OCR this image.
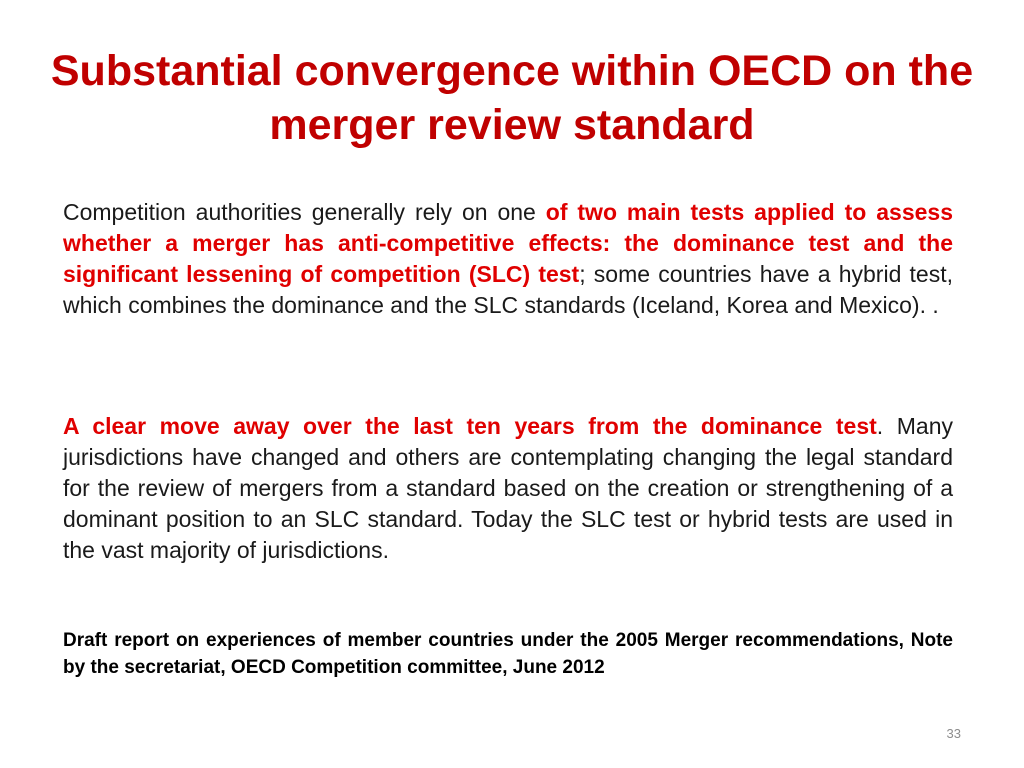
Substantial convergence within OECD on the merger review standard

Competition authorities generally rely on one of two main tests applied to assess whether a merger has anti-competitive effects: the dominance test and the significant lessening of competition (SLC) test; some countries have a hybrid test, which combines the dominance and the SLC standards (Iceland, Korea and Mexico). .

A clear move away over the last ten years from the dominance test. Many jurisdictions have changed and others are contemplating changing the legal standard for the review of mergers from a standard based on the creation or strengthening of a dominant position to an SLC standard. Today the SLC test or hybrid tests are used in the vast majority of jurisdictions.

Draft report on experiences of member countries under the 2005 Merger recommendations, Note by the secretariat, OECD Competition committee, June 2012

33
